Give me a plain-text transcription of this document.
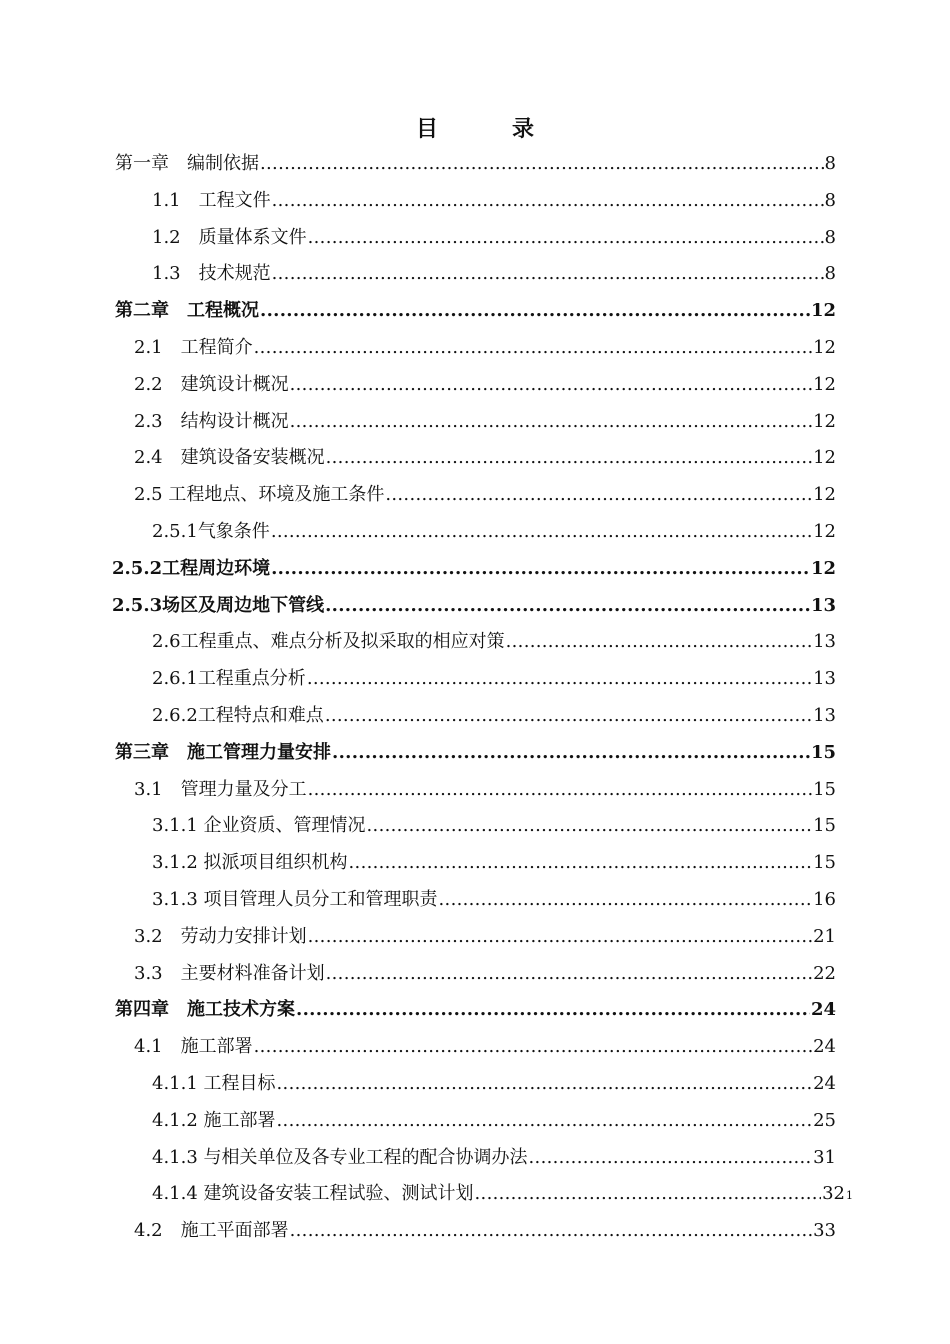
目　录
第一章　 编制依据 .....	8
1.1　 工程文件 .....	8
1.2　 质量体系文件 .....	8
1.3　 技术规范 .....	8
第二章　 工程概况 .....	12
2.1　 工程简介 .....	12
2.2　 建筑设计概况 .....	12
2.3　 结构设计概况 .....	12
2.4　 建筑设备安装概况 .....	12
2.5 工程地点、环境及施工条件 .....	12
2.5.1 气象条件 .....	12
2.5.2 工程周边环境 .....	12
2.5.3 场区及周边地下管线 .....	13
2.6 工程重点、难点分析及拟采取的相应对策 .....	13
2.6.1 工程重点分析 .....	13
2.6.2 工程特点和难点 .....	13
第三章　 施工管理力量安排 .....	15
3.1　 管理力量及分工 .....	15
3.1.1 企业资质、管理情况 .....	15
3.1.2 拟派项目组织机构 .....	15
3.1.3 项目管理人员分工和管理职责 .....	16
3.2　 劳动力安排计划 .....	21
3.3　 主要材料准备计划 .....	22
第四章　 施工技术方案 .....	24
4.1　 施工部署 .....	24
4.1.1 工程目标 .....	24
4.1.2 施工部署 .....	25
4.1.3 与相关单位及各专业工程的配合协调办法 .....	31
4.1.4 建筑设备安装工程试验、测试计划 .....	32 1
4.2　 施工平面部署 .....	33
